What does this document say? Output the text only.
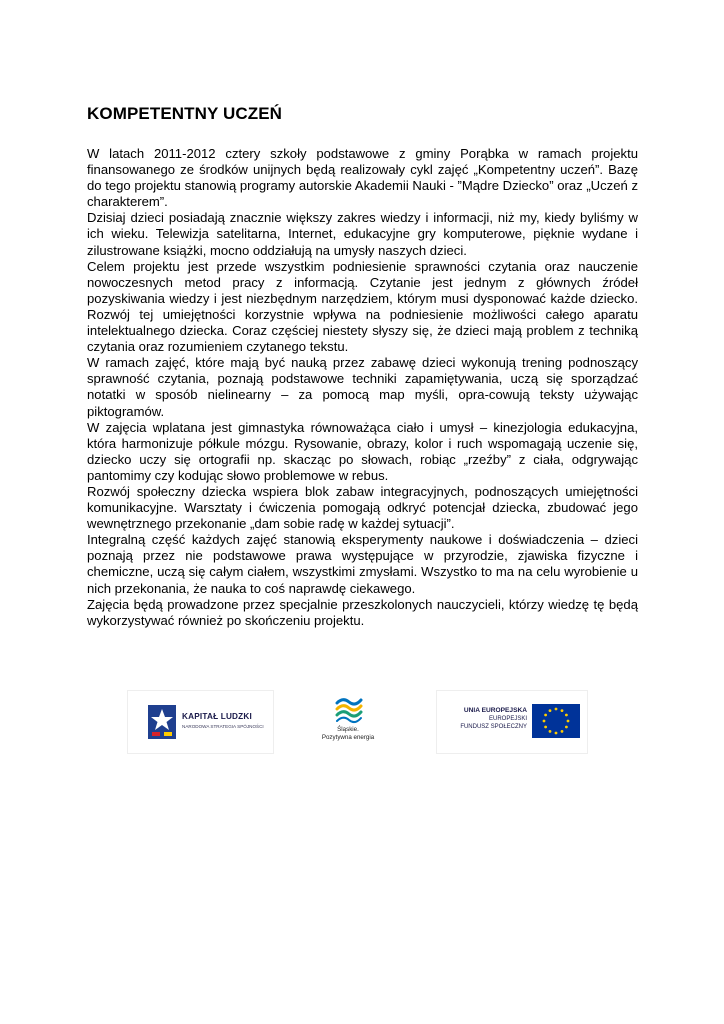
KOMPETENTNY UCZEŃ

W latach 2011-2012 cztery szkoły podstawowe z gminy Porąbka w ramach projektu finansowanego ze środków unijnych będą realizowały cykl zajęć „Kompetentny uczeń”. Bazę do tego projektu stanowią programy autorskie Akademii Nauki - ”Mądre Dziecko” oraz „Uczeń z charakterem”.

Dzisiaj dzieci posiadają znacznie większy zakres wiedzy i informacji, niż my, kiedy byliśmy w ich wieku. Telewizja satelitarna, Internet, edukacyjne gry komputerowe, pięknie wydane i zilustrowane książki, mocno oddziałują na umysły naszych dzieci.

Celem projektu jest przede wszystkim podniesienie sprawności czytania oraz nauczenie nowoczesnych metod pracy z informacją. Czytanie jest jednym z głównych źródeł pozyskiwania wiedzy i jest niezbędnym narzędziem, którym musi dysponować każde dziecko. Rozwój tej umiejętności korzystnie wpływa na podniesienie możliwości całego aparatu intelektualnego dziecka. Coraz częściej niestety słyszy się, że dzieci mają problem z techniką czytania oraz rozumieniem czytanego tekstu.

W ramach zajęć, które mają być nauką przez zabawę dzieci wykonują trening podnoszący sprawność czytania, poznają podstawowe techniki zapamiętywania, uczą się sporządzać notatki w sposób nielinearny – za pomocą map myśli, opra-cowują teksty używając piktogramów.

W zajęcia wplatana jest gimnastyka równoważąca ciało i umysł – kinezjologia edukacyjna, która harmonizuje półkule mózgu. Rysowanie, obrazy, kolor i ruch wspomagają uczenie się, dziecko uczy się ortografii np. skacząc po słowach, robiąc „rzeźby” z ciała, odgrywając pantomimy czy kodując słowo problemowe w rebus.

Rozwój społeczny dziecka wspiera blok zabaw integracyjnych, podnoszących umiejętności komunikacyjne. Warsztaty i ćwiczenia pomogają odkryć potencjał dziecka, zbudować jego wewnętrznego przekonanie „dam sobie radę w każdej sytuacji”.

Integralną część każdych zajęć stanowią eksperymenty naukowe i doświadczenia – dzieci poznają przez nie podstawowe prawa występujące w przyrodzie, zjawiska fizyczne i chemiczne, uczą się całym ciałem, wszystkimi zmysłami. Wszystko to ma na celu wyrobienie u nich przekonania, że nauka to coś naprawdę ciekawego.

Zajęcia będą prowadzone przez specjalnie przeszkolonych nauczycieli, którzy wiedzę tę będą wykorzystywać również po skończeniu projektu.

KAPITAŁ LUDZKI
NARODOWA STRATEGIA SPÓJNOŚCI	Śląskie.
Pozytywna energia
UNIA EUROPEJSKA
EUROPEJSKI
FUNDUSZ SPOŁECZNY
